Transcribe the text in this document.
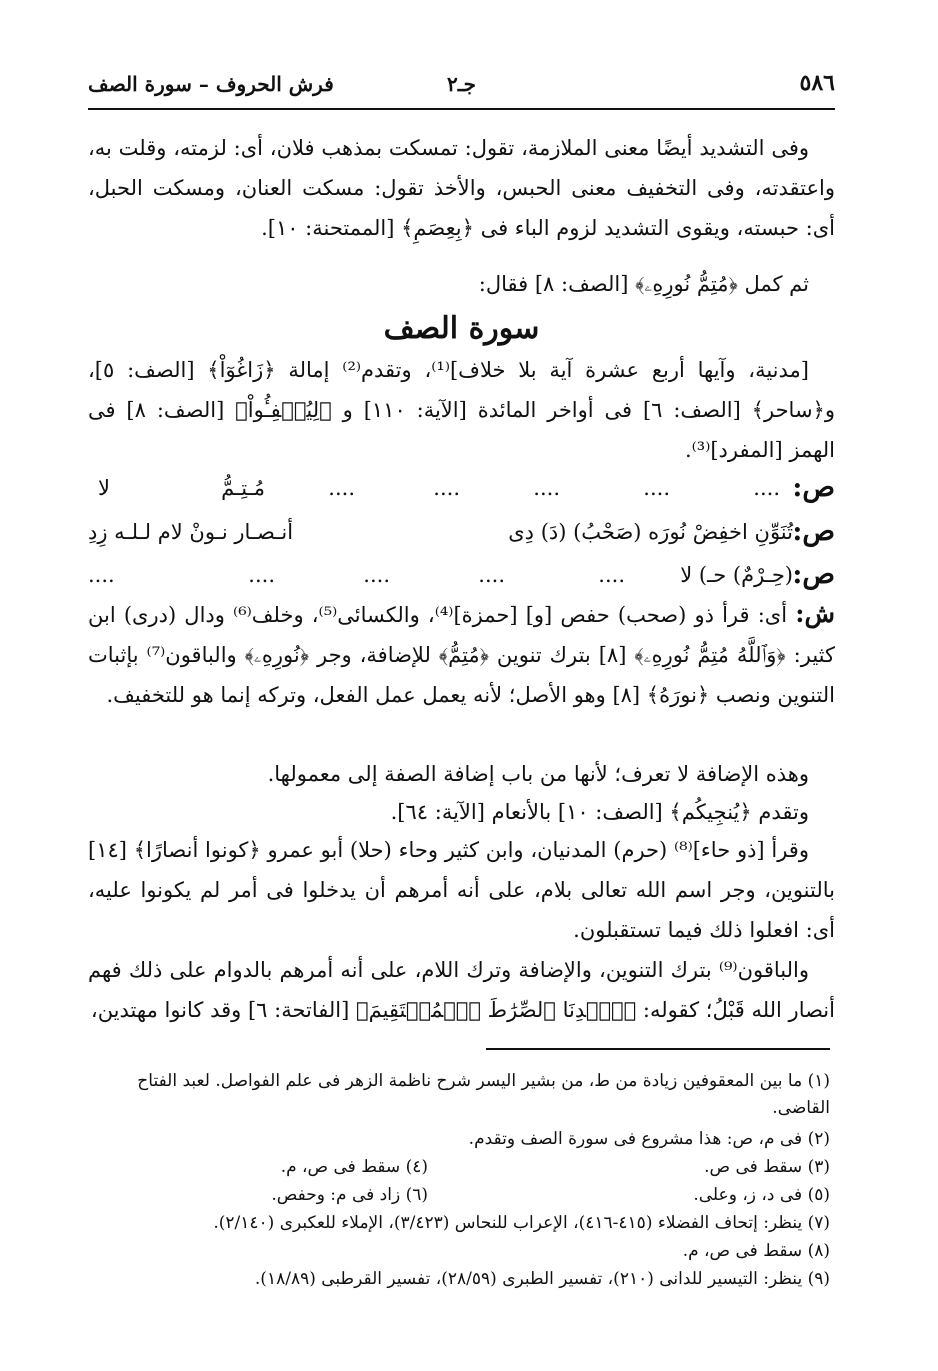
٥٨٦
جـ٢
فرش الحروف – سورة الصف

وفى التشديد أيضًا معنى الملازمة، تقول: تمسكت بمذهب فلان، أى: لزمته، وقلت به، واعتقدته، وفى التخفيف معنى الحبس، والأخذ تقول: مسكت العنان، ومسكت الحبل، أى: حبسته، ويقوى التشديد لزوم الباء فى ﴿بِعِصَمِ﴾ [الممتحنة: ١٠].

ثم كمل ﴿مُتِمُّ نُورِهِۦ﴾ [الصف: ٨] فقال:
سورة الصف

[مدنية، وآيها أربع عشرة آية بلا خلاف]⁽¹⁾، وتقدم⁽²⁾ إمالة ﴿زَاغُوٓاْ﴾ [الصف: ٥]، و﴿ساحر﴾ [الصف: ٦] فى أواخر المائدة [الآية: ١١٠] و ﴿لِيُطۡفِـُٔواْ﴾ [الصف: ٨] فى الهمز [المفرد]⁽³⁾.

ص:
....
....
....
....
....
مُـتِـمُّ
لا
ص:
تُنَوِّنِ اخفِضْ نُورَه (صَحْبُ) (دَ) دِى
أنـصـار نـونْ لام لـلـه زِدِ
ص:
(حِـرْمٌ) حـ) لا
....
....
....
....
....

ش: أى: قرأ ذو (صحب) حفص [و] [حمزة]⁽⁴⁾، والكسائى⁽⁵⁾، وخلف⁽⁶⁾ ودال (درى) ابن كثير: ﴿وَٱللَّهُ مُتِمُّ نُورِهِۦ﴾ [٨] بترك تنوين ﴿مُتِمُّ﴾ للإضافة، وجر ﴿نُورِهِۦ﴾ والباقون⁽⁷⁾ بإثبات التنوين ونصب ﴿نورَهُ﴾ [٨] وهو الأصل؛ لأنه يعمل عمل الفعل، وتركه إنما هو للتخفيف.

وهذه الإضافة لا تعرف؛ لأنها من باب إضافة الصفة إلى معمولها.
وتقدم ﴿يُنجِيكُم﴾ [الصف: ١٠] بالأنعام [الآية: ٦٤].

وقرأ [ذو حاء]⁽⁸⁾ (حرم) المدنيان، وابن كثير وحاء (حلا) أبو عمرو ﴿كونوا أنصارًا﴾ [١٤] بالتنوين، وجر اسم الله تعالى بلام، على أنه أمرهم أن يدخلوا فى أمر لم يكونوا عليه، أى: افعلوا ذلك فيما تستقبلون.

والباقون⁽⁹⁾ بترك التنوين، والإضافة وترك اللام، على أنه أمرهم بالدوام على ذلك فهم أنصار الله قَبْلُ؛ كقوله: ﴿ٱهۡدِنَا ٱلصِّرَٰطَ ٱلۡمُسۡتَقِيمَ﴾ [الفاتحة: ٦] وقد كانوا مهتدين،

(١) ما بين المعقوفين زيادة من ط، من بشير اليسر شرح ناظمة الزهر فى علم الفواصل. لعبد الفتاح القاضى.
(٢) فى م، ص: هذا مشروع فى سورة الصف وتقدم.
(٣) سقط فى ص.
(٤) سقط فى ص، م.
(٥) فى د، ز، وعلى.
(٦) زاد فى م: وحفص.
(٧) ينظر: إتحاف الفضلاء (٤١٥-٤١٦)، الإعراب للنحاس (٣/٤٢٣)، الإملاء للعكبرى (٢/١٤٠).
(٨) سقط فى ص، م.
(٩) ينظر: التيسير للدانى (٢١٠)، تفسير الطبرى (٢٨/٥٩)، تفسير القرطبى (١٨/٨٩).
